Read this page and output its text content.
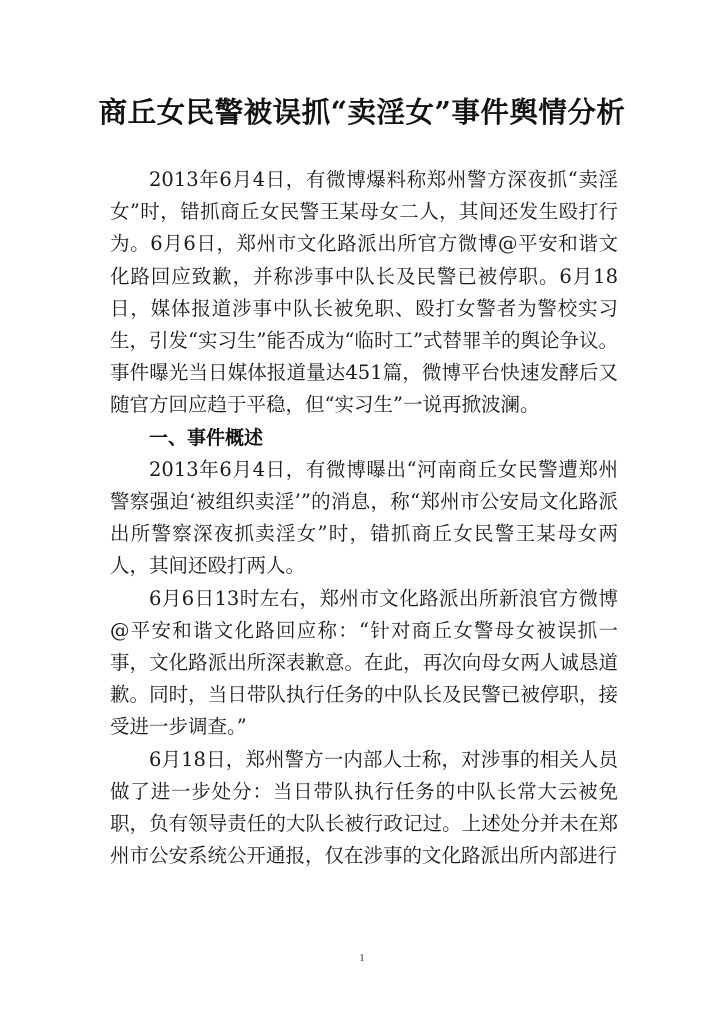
商丘女民警被误抓“卖淫女”事件舆情分析

2013年6月4日，有微博爆料称郑州警方深夜抓“卖淫女”时，错抓商丘女民警王某母女二人，其间还发生殴打行为。6月6日，郑州市文化路派出所官方微博@平安和谐文化路回应致歉，并称涉事中队长及民警已被停职。6月18日，媒体报道涉事中队长被免职、殴打女警者为警校实习生，引发“实习生”能否成为“临时工”式替罪羊的舆论争议。事件曝光当日媒体报道量达451篇，微博平台快速发酵后又随官方回应趋于平稳，但“实习生”一说再掀波澜。

一、事件概述

2013年6月4日，有微博曝出“河南商丘女民警遭郑州警察强迫‘被组织卖淫’”的消息，称“郑州市公安局文化路派出所警察深夜抓卖淫女”时，错抓商丘女民警王某母女两人，其间还殴打两人。

6月6日13时左右，郑州市文化路派出所新浪官方微博@平安和谐文化路回应称：“针对商丘女警母女被误抓一事，文化路派出所深表歉意。在此，再次向母女两人诚恳道歉。同时，当日带队执行任务的中队长及民警已被停职，接受进一步调查。”

6月18日，郑州警方一内部人士称，对涉事的相关人员做了进一步处分：当日带队执行任务的中队长常大云被免职，负有领导责任的大队长被行政记过。上述处分并未在郑州市公安系统公开通报，仅在涉事的文化路派出所内部进行

1
